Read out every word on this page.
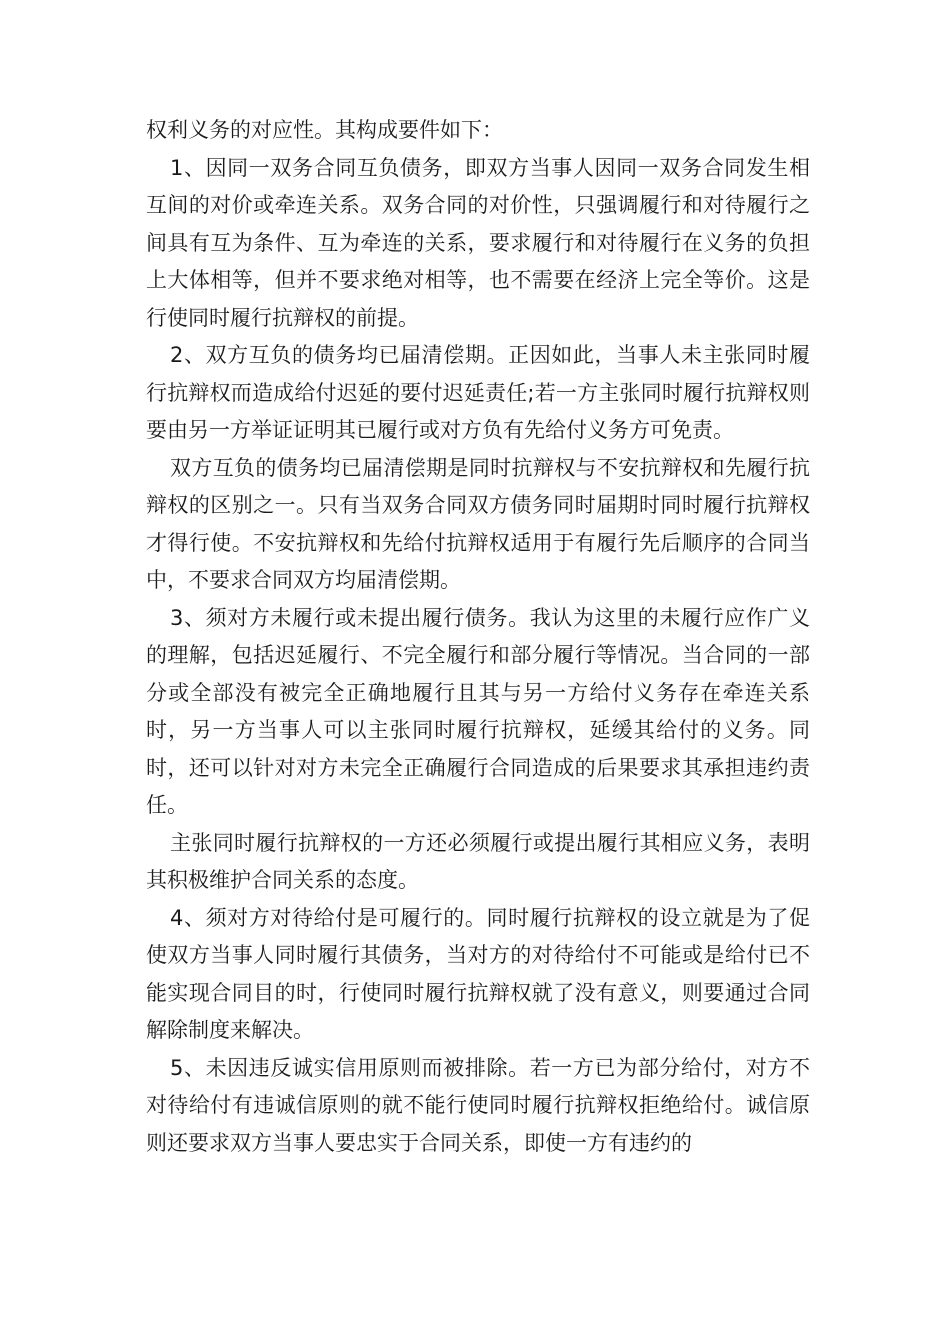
权利义务的对应性。其构成要件如下：

1、因同一双务合同互负债务，即双方当事人因同一双务合同发生相互间的对价或牵连关系。双务合同的对价性，只强调履行和对待履行之间具有互为条件、互为牵连的关系，要求履行和对待履行在义务的负担上大体相等，但并不要求绝对相等，也不需要在经济上完全等价。这是行使同时履行抗辩权的前提。

2、双方互负的债务均已届清偿期。正因如此，当事人未主张同时履行抗辩权而造成给付迟延的要付迟延责任;若一方主张同时履行抗辩权则要由另一方举证证明其已履行或对方负有先给付义务方可免责。

双方互负的债务均已届清偿期是同时抗辩权与不安抗辩权和先履行抗辩权的区别之一。只有当双务合同双方债务同时届期时同时履行抗辩权才得行使。不安抗辩权和先给付抗辩权适用于有履行先后顺序的合同当中，不要求合同双方均届清偿期。

3、须对方未履行或未提出履行债务。我认为这里的未履行应作广义的理解，包括迟延履行、不完全履行和部分履行等情况。当合同的一部分或全部没有被完全正确地履行且其与另一方给付义务存在牵连关系时，另一方当事人可以主张同时履行抗辩权，延缓其给付的义务。同时，还可以针对对方未完全正确履行合同造成的后果要求其承担违约责任。

主张同时履行抗辩权的一方还必须履行或提出履行其相应义务，表明其积极维护合同关系的态度。

4、须对方对待给付是可履行的。同时履行抗辩权的设立就是为了促使双方当事人同时履行其债务，当对方的对待给付不可能或是给付已不能实现合同目的时，行使同时履行抗辩权就了没有意义，则要通过合同解除制度来解决。

5、未因违反诚实信用原则而被排除。若一方已为部分给付，对方不对待给付有违诚信原则的就不能行使同时履行抗辩权拒绝给付。诚信原则还要求双方当事人要忠实于合同关系，即使一方有违约的
